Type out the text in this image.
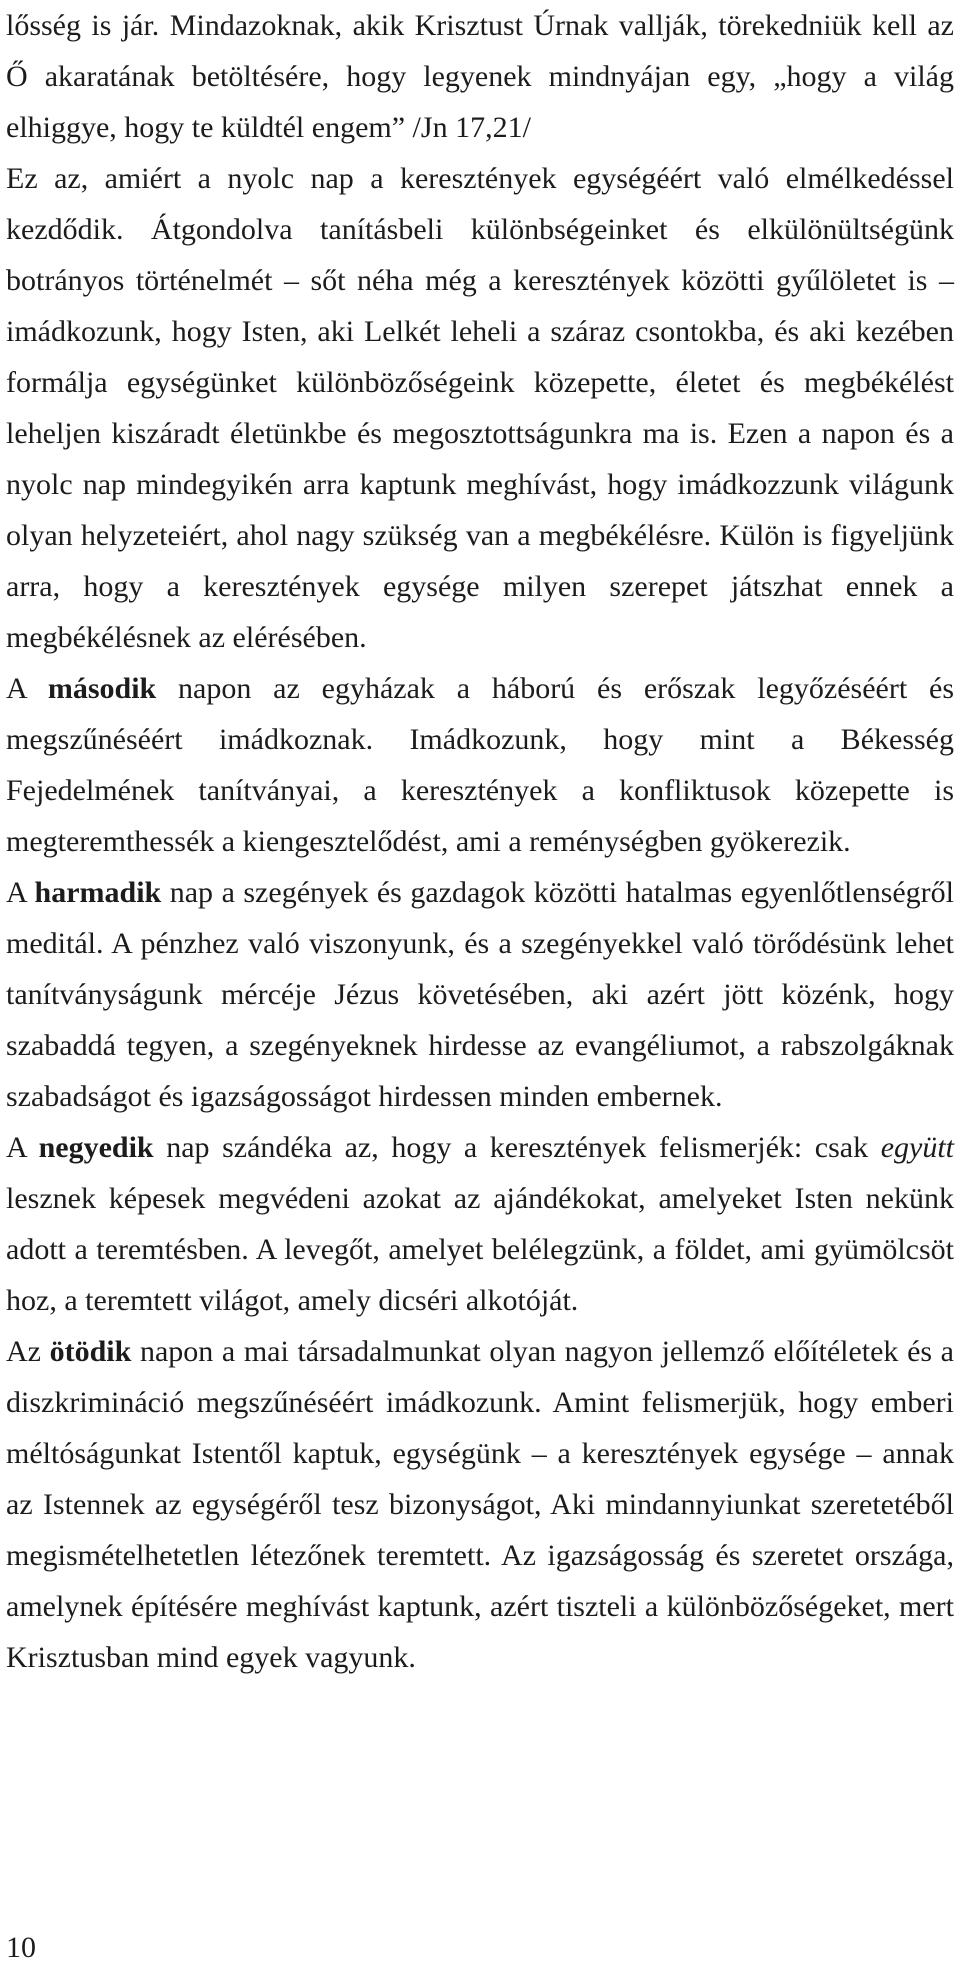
lősség is jár. Mindazoknak, akik Krisztust Úrnak vallják, törekedniük kell az Ő akaratának betöltésére, hogy legyenek mindnyájan egy, „hogy a világ elhiggye, hogy te küldtél engem” /Jn 17,21/

Ez az, amiért a nyolc nap a keresztények egységéért való elmélkedéssel kezdődik. Átgondolva tanításbeli különbségeinket és elkülönültségünk botrányos történelmét – sőt néha még a keresztények közötti gyűlöletet is – imádkozunk, hogy Isten, aki Lelkét leheli a száraz csontokba, és aki kezében formálja egységünket különbözőségeink közepette, életet és megbékélést leheljen kiszáradt életünkbe és megosztottságunkra ma is. Ezen a napon és a nyolc nap mindegyikén arra kaptunk meghívást, hogy imádkozzunk világunk olyan helyzeteiért, ahol nagy szükség van a megbékélésre. Külön is figyeljünk arra, hogy a keresztények egysége milyen szerepet játszhat ennek a megbékélésnek az elérésében.

A második napon az egyházak a háború és erőszak legyőzéséért és megszűnéséért imádkoznak. Imádkozunk, hogy mint a Békesség Fejedelmének tanítványai, a keresztények a konfliktusok közepette is megteremthessék a kiengesztelődést, ami a reménységben gyökerezik.

A harmadik nap a szegények és gazdagok közötti hatalmas egyenlőtlenségről meditál. A pénzhez való viszonyunk, és a szegényekkel való törődésünk lehet tanítványságunk mércéje Jézus követésében, aki azért jött közénk, hogy szabaddá tegyen, a szegényeknek hirdesse az evangéliumot, a rabszolgáknak szabadságot és igazságosságot hirdessen minden embernek.

A negyedik nap szándéka az, hogy a keresztények felismerjék: csak együtt lesznek képesek megvédeni azokat az ajándékokat, amelyeket Isten nekünk adott a teremtésben. A levegőt, amelyet belélegzünk, a földet, ami gyümölcsöt hoz, a teremtett világot, amely dicséri alkotóját.

Az ötödik napon a mai társadalmunkat olyan nagyon jellemző előítéletek és a diszkrimináció megszűnéséért imádkozunk. Amint felismerjük, hogy emberi méltóságunkat Istentől kaptuk, egységünk – a keresztények egysége – annak az Istennek az egységéről tesz bizonyságot, Aki mindannyiunkat szeretetéből megismételhetetlen létezőnek teremtett. Az igazságosság és szeretet országa, amelynek építésére meghívást kaptunk, azért tiszteli a különbözőségeket, mert Krisztusban mind egyek vagyunk.

10
